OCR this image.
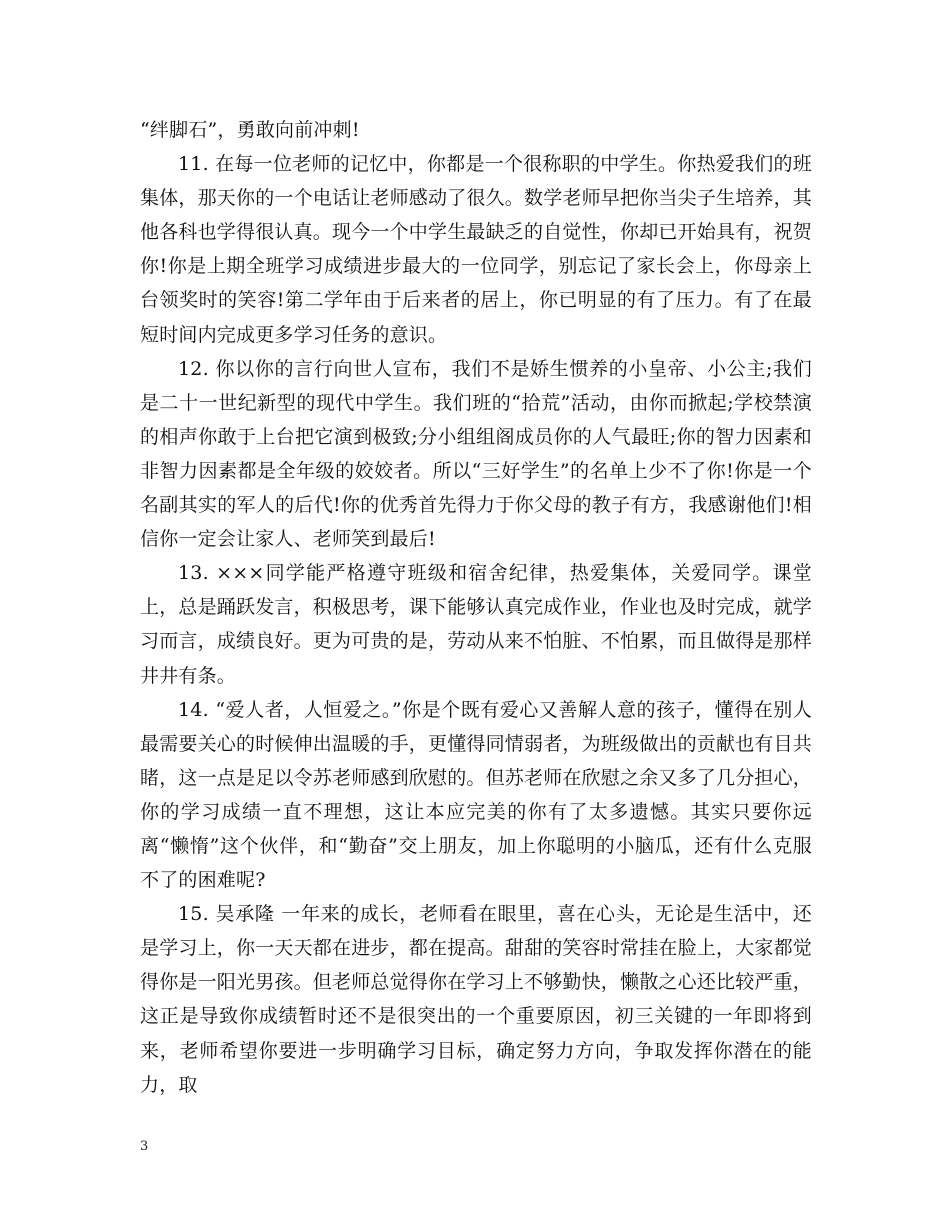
“绊脚石”，勇敢向前冲刺!

11. 在每一位老师的记忆中，你都是一个很称职的中学生。你热爱我们的班集体，那天你的一个电话让老师感动了很久。数学老师早把你当尖子生培养，其他各科也学得很认真。现今一个中学生最缺乏的自觉性，你却已开始具有，祝贺你!你是上期全班学习成绩进步最大的一位同学，别忘记了家长会上，你母亲上台领奖时的笑容!第二学年由于后来者的居上，你已明显的有了压力。有了在最短时间内完成更多学习任务的意识。

12. 你以你的言行向世人宣布，我们不是娇生惯养的小皇帝、小公主;我们是二十一世纪新型的现代中学生。我们班的“拾荒”活动，由你而掀起;学校禁演的相声你敢于上台把它演到极致;分小组组阁成员你的人气最旺;你的智力因素和非智力因素都是全年级的姣姣者。所以“三好学生”的名单上少不了你!你是一个名副其实的军人的后代!你的优秀首先得力于你父母的教子有方，我感谢他们!相信你一定会让家人、老师笑到最后!

13. ×××同学能严格遵守班级和宿舍纪律，热爱集体，关爱同学。课堂上，总是踊跃发言，积极思考，课下能够认真完成作业，作业也及时完成，就学习而言，成绩良好。更为可贵的是，劳动从来不怕脏、不怕累，而且做得是那样井井有条。

14. “爱人者，人恒爱之。”你是个既有爱心又善解人意的孩子，懂得在别人最需要关心的时候伸出温暖的手，更懂得同情弱者，为班级做出的贡献也有目共睹，这一点是足以令苏老师感到欣慰的。但苏老师在欣慰之余又多了几分担心，你的学习成绩一直不理想，这让本应完美的你有了太多遗憾。其实只要你远离“懒惰”这个伙伴，和“勤奋”交上朋友，加上你聪明的小脑瓜，还有什么克服不了的困难呢?

15. 吴承隆 一年来的成长，老师看在眼里，喜在心头，无论是生活中，还是学习上，你一天天都在进步，都在提高。甜甜的笑容时常挂在脸上，大家都觉得你是一阳光男孩。但老师总觉得你在学习上不够勤快，懒散之心还比较严重，这正是导致你成绩暂时还不是很突出的一个重要原因，初三关键的一年即将到来，老师希望你要进一步明确学习目标，确定努力方向，争取发挥你潜在的能力，取

3
